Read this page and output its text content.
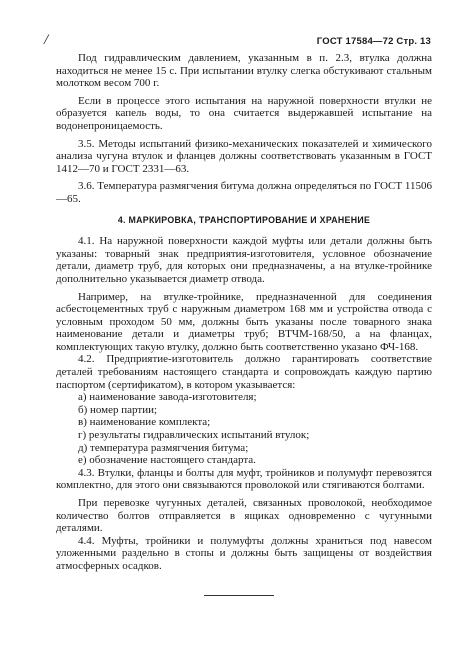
/	ГОСТ 17584—72 Стр. 13

Под гидравлическим давлением, указанным в п. 2.3, втулка должна находиться не менее 15 с. При испытании втулку слегка обстукивают стальным молотком весом 700 г.

Если в процессе этого испытания на наружной поверхности втулки не образуется капель воды, то она считается выдержавшей испытание на водонепроницаемость.

3.5. Методы испытаний физико-механических показателей и химического анализа чугуна втулок и фланцев должны соответствовать указанным в ГОСТ 1412—70 и ГОСТ 2331—63.

3.6. Температура размягчения битума должна определяться по ГОСТ 11506—65.

4. МАРКИРОВКА, ТРАНСПОРТИРОВАНИЕ И ХРАНЕНИЕ

4.1. На наружной поверхности каждой муфты или детали должны быть указаны: товарный знак предприятия-изготовителя, условное обозначение детали, диаметр труб, для которых они предназначены, а на втулке-тройнике дополнительно указывается диаметр отвода.

Например, на втулке-тройнике, предназначенной для соединения асбестоцементных труб с наружным диаметром 168 мм и устройства отвода с условным проходом 50 мм, должны быть указаны после товарного знака наименование детали и диаметры труб; ВТЧМ-168/50, а на фланцах, комплектующих такую втулку, должно быть соответственно указано ФЧ-168.

4.2. Предприятие-изготовитель должно гарантировать соответствие деталей требованиям настоящего стандарта и сопровождать каждую партию паспортом (сертификатом), в котором указывается:

а) наименование завода-изготовителя;
б) номер партии;
в) наименование комплекта;
г) результаты гидравлических испытаний втулок;
д) температура размягчения битума;
е) обозначение настоящего стандарта.

4.3. Втулки, фланцы и болты для муфт, тройников и полумуфт перевозятся комплектно, для этого они связываются проволокой или стягиваются болтами.

При перевозке чугунных деталей, связанных проволокой, необходимое количество болтов отправляется в ящиках одновременно с чугунными деталями.

4.4. Муфты, тройники и полумуфты должны храниться под навесом уложенными раздельно в стопы и должны быть защищены от воздействия атмосферных осадков.
